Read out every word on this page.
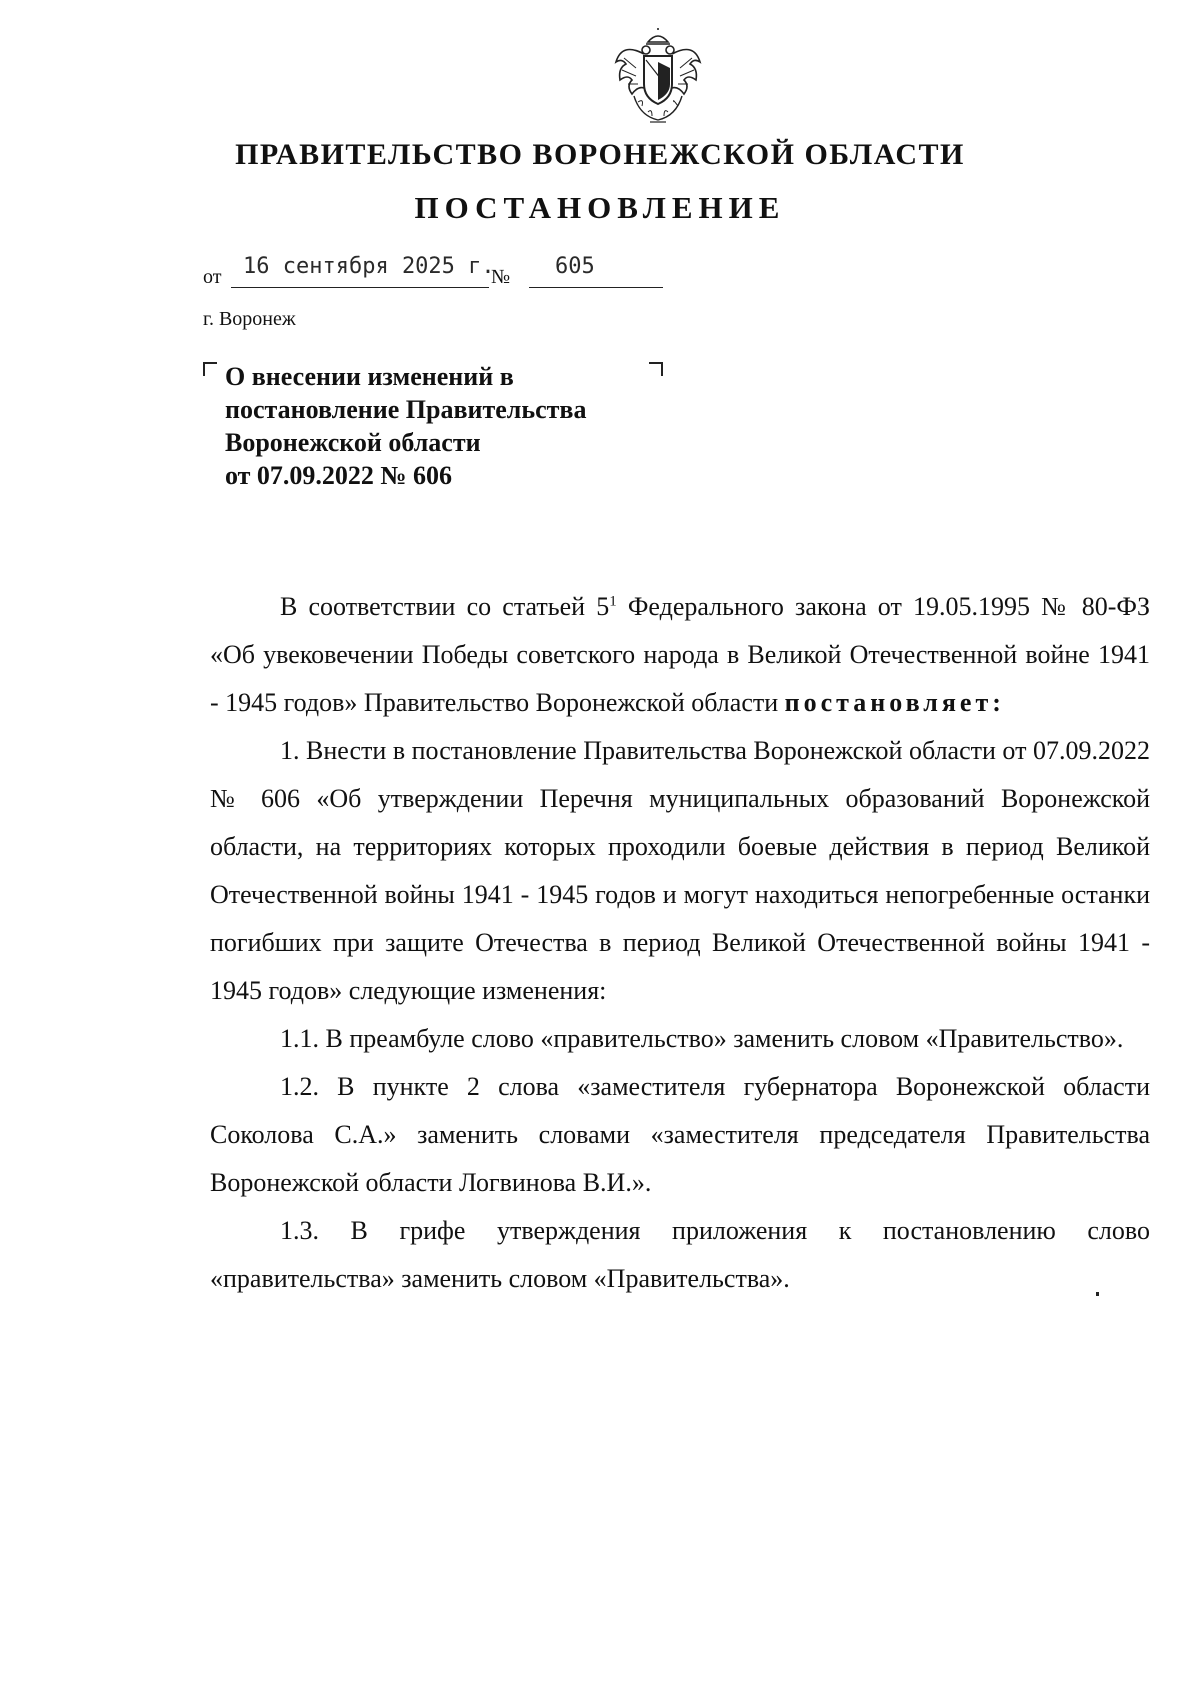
ПРАВИТЕЛЬСТВО ВОРОНЕЖСКОЙ ОБЛАСТИ
ПОСТАНОВЛЕНИЕ
от 16 сентября 2025 г.
№ 605
г. Воронеж
О внесении изменений в
постановление Правительства
Воронежской области
от 07.09.2022 № 606

В соответствии со статьей $5^1$ Федерального закона от 19.05.1995 № 80-ФЗ «Об увековечении Победы советского народа в Великой Отечественной войне 1941 - 1945 годов» Правительство Воронежской области постановляет:

1. Внести в постановление Правительства Воронежской области от 07.09.2022 № 606 «Об утверждении Перечня муниципальных образований Воронежской области, на территориях которых проходили боевые действия в период Великой Отечественной войны 1941 - 1945 годов и могут находиться непогребенные останки погибших при защите Отечества в период Великой Отечественной войны 1941 - 1945 годов» следующие изменения:

1.1. В преамбуле слово «правительство» заменить словом «Правительство».

1.2. В пункте 2 слова «заместителя губернатора Воронежской области Соколова С.А.» заменить словами «заместителя председателя Правительства Воронежской области Логвинова В.И.».

1.3. В грифе утверждения приложения к постановлению слово «правительства» заменить словом «Правительства».
